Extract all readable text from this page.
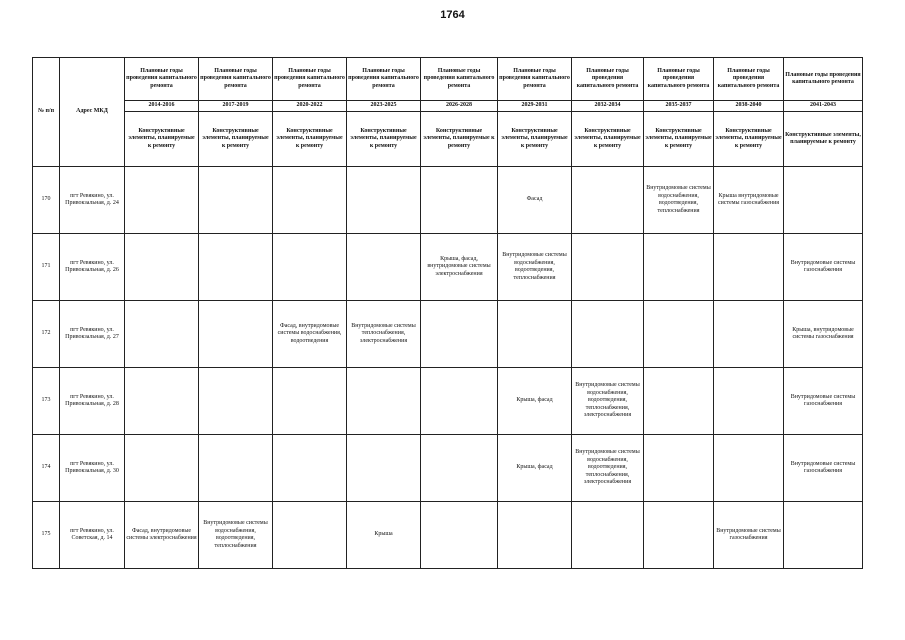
1764
№ п/п	Адрес МКД	Плановые годы проведения капитального ремонта	Плановые годы проведения капитального ремонта	Плановые годы проведения капитального ремонта	Плановые годы проведения капитального ремонта	Плановые годы проведения капитального ремонта	Плановые годы проведения капитального ремонта	Плановые годы проведения капитального ремонта	Плановые годы проведения капитального ремонта	Плановые годы проведения капитального ремонта	Плановые годы проведения капитального ремонта
		2014-2016	2017-2019	2020-2022	2023-2025	2026-2028	2029-2031	2032-2034	2035-2037	2038-2040	2041-2043
		Конструктивные элементы, планируемые к ремонту	Конструктивные элементы, планируемые к ремонту	Конструктивные элементы, планируемые к ремонту	Конструктивные элементы, планируемые к ремонту	Конструктивные элементы, планируемые к ремонту	Конструктивные элементы, планируемые к ремонту	Конструктивные элементы, планируемые к ремонту	Конструктивные элементы, планируемые к ремонту	Конструктивные элементы, планируемые к ремонту	Конструктивные элементы, планируемые к ремонту
170	пгт Ревякино, ул. Привокзальная, д. 24						Фасад		Внутридомовые системы водоснабжения, водоотведения, теплоснабжения	Крыша внутридомовые системы газоснабжения	
171	пгт Ревякино, ул. Привокзальная, д. 26					Крыша, фасад, внутридомовые системы электроснабжения	Внутридомовые системы водоснабжения, водоотведения, теплоснабжения				Внутридомовые системы газоснабжения
172	пгт Ревякино, ул. Привокзальная, д. 27			Фасад, внутридомовые системы водоснабжения, водоотведения	Внутридомовые системы теплоснабжения, электроснабжения						Крыша, внутридомовые системы газоснабжения
173	пгт Ревякино, ул. Привокзальная, д. 28						Крыша, фасад	Внутридомовые системы водоснабжения, водоотведения, теплоснабжения, электроснабжения			Внутридомовые системы газоснабжения
174	пгт Ревякино, ул. Привокзальная, д. 30						Крыша, фасад	Внутридомовые системы водоснабжения, водоотведения, теплоснабжения, электроснабжения			Внутридомовые системы газоснабжения
175	пгт Ревякино, ул. Советская, д. 14	Фасад, внутридомовые системы электроснабжения	Внутридомовые системы водоснабжения, водоотведения, теплоснабжения		Крыша					Внутридомовые системы газоснабжения	
